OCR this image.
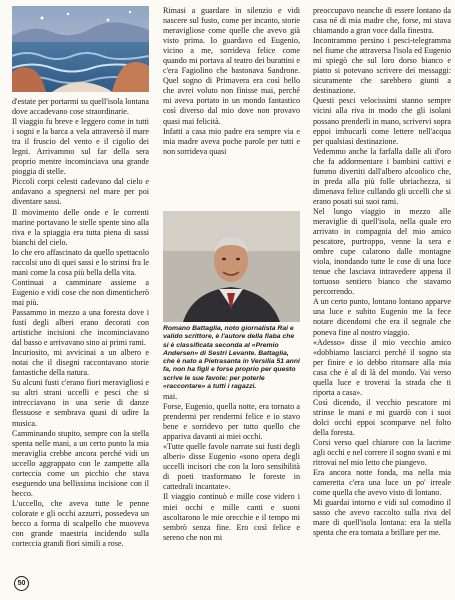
d'estate per portarmi su quell'isola lontana dove accadevano cose straordinarie.

Il viaggio fu breve e leggero come in tutti i sogni e la barca a vela attraversò il mare tra il fruscio del vento e il cigolio dei legni. Arrivammo sul far della sera proprio mentre incominciava una grande pioggia di stelle.

Piccoli corpi celesti cadevano dal cielo e andavano a spegnersi nel mare per poi diventare sassi.

Il movimento delle onde e le correnti marine portavano le stelle spente sino alla riva e la spiaggia era tutta piena di sassi bianchi del cielo.

Io che ero affascinato da quello spettacolo raccolsi uno di quei sassi e lo strinsi fra le mani come la cosa più bella della vita.

Continuai a camminare assieme a Eugenio e vidi cose che non dimenticherò mai più.

Passammo in mezzo a una foresta dove i fusti degli alberi erano decorati con artistiche incisioni che incominciavano dal basso e arrivavano sino ai primi rami.

Incuriosito, mi avvicinai a un albero e notai che il disegni raccontavano storie fantastiche della natura.

Su alcuni fusti c'erano fiori meravigliosi e su altri strani uccelli e pesci che si intrecciavano in una serie di danze flessuose e sembrava quasi di udire la musica.

Camminando stupito, sempre con la stella spenta nelle mani, a un certo punto la mia meraviglia crebbe ancora perché vidi un uccello aggrappato con le zampette alla corteccia come un picchio che stava eseguendo una bellissima incisione con il becco.

L'uccello, che aveva tutte le penne colorate e gli occhi azzurri, possedeva un becco a forma di scalpello che muoveva con grande maestria incidendo sulla corteccia grandi fiori simili a rose.

Rimasi a guardare in silenzio e vidi nascere sul fusto, come per incanto, storie meravigliose come quelle che avevo già visto prima. Io guardavo ed Eugenio, vicino a me, sorrideva felice come quando mi portava al teatro dei burattini e c'era Fagiolino che bastonava Sandrone. Quel sogno di Primavera era così bello che avrei voluto non finisse mai, perché mi aveva portato in un mondo fantastico così diverso dal mio dove non provavo quasi mai felicità.

Infatti a casa mio padre era sempre via e mia madre aveva poche parole per tutti e non sorrideva quasi

Romano Battaglia, noto giornalista Rai e valido scrittore, è l'autore della fiaba che si è classificata seconda al «Premio Andersen» di Sestri Levante. Battaglia, che è nato a Pietrasanta in Versilia 51 anni fa, non ha figli e forse proprio per questo scrive le sue favole: per poterle «raccontare» a tutti i ragazzi.

mai.

Forse, Eugenio, quella notte, era tornato a prendermi per rendermi felice e io stavo bene e sorridevo per tutto quello che appariva davanti ai miei occhi.

«Tutte quelle favole narrate sui fusti degli alberi» disse Eugenio «sono opera degli uccelli incisori che con la loro sensibilità di poeti trasformano le foreste in cattedrali incantate».

Il viaggio continuò e mille cose videro i miei occhi e mille canti e suoni ascoltarono le mie orecchie e il tempo mi sembrò senza fine. Ero così felice e sereno che non mi

preoccupavo neanche di essere lontano da casa né di mia madre che, forse, mi stava chiamando a gran voce dalla finestra.

Incontrammo persino i pesci-telegramma nel fiume che attraversa l'isola ed Eugenio mi spiegò che sul loro dorso bianco e piatto si potevano scrivere dei messaggi: sicuramente che sarebbero giunti a destinazione.

Questi pesci velocissimi stanno sempre vicini alla riva in modo che gli isolani possano prenderli in mano, scrivervi sopra eppoi imbucarli come lettere nell'acqua per qualsiasi destinazione.

Vedemmo anche la farfalla dalle ali d'oro che fa addormentare i bambini cattivi e fummo divertiti dall'albero alcoolico che, in preda alla più folle ubriachezza, si dimenava felice cullando gli uccelli che si erano posati sui suoi rami.

Nel lungo viaggio in mezzo alle meraviglie di quell'isola, nella quale ero arrivato in compagnia del mio amico pescatore, purtroppo, venne la sera e ombre cupe calarono dalle montagne viola, inondando tutte le cose di una luce tenue che lasciava intravedere appena il tortuoso sentiero bianco che stavamo percorrendo.

A un certo punto, lontano lontano apparve una luce e subito Eugenio me la fece notare dicendomi che era il segnale che poneva fine al nostro viaggio.

«Adesso» disse il mio vecchio amico «dobbiamo lasciarci perché il sogno sta per finire e io debbo ritornare alla mia casa che è al di là del mondo. Vai verso quella luce e troverai la strada che ti riporta a casa».

Così dicendo, il vecchio pescatore mi strinse le mani e mi guardò con i suoi dolci occhi eppoi scomparve nel folto della foresta.

Corsi verso quel chiarore con la lacrime agli occhi e nel correre il sogno svanì e mi ritrovai nel mio letto che piangevo.

Era ancora notte fonda, ma nella mia cameretta c'era una luce un po' irreale come quella che avevo visto di lontano.

Mi guardai intorno e vidi sul comodino il sasso che avevo raccolto sulla riva del mare di quell'isola lontana: era la stella spenta che era tornata a brillare per me.

50
